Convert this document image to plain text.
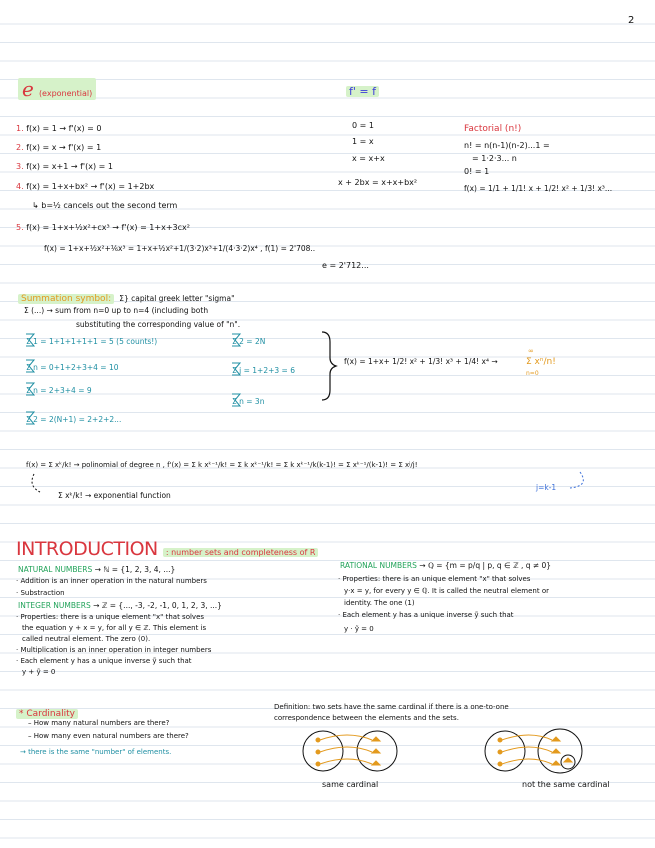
2
e (exponential)	f' = f
1. f(x) = 1 → f'(x) = 0
2. f(x) = x → f'(x) = 1
3. f(x) = x+1 → f'(x) = 1
4. f(x) = 1+x+bx² → f'(x) = 1+2bx
↳ b=½ cancels out the second term
5. f(x) = 1+x+½x²+cx³ → f'(x) = 1+x+3cx²
f(x) = 1+x+½x²+⅙x³ = 1+x+½x²+1/(3·2)x³+1/(4·3·2)x⁴ , f(1) = 2'708..
e = 2'712...
0 = 1
1 = x
x = x+x
x + 2bx = x+x+bx²
Factorial (n!)
n! = n(n-1)(n-2)...1 =
= 1·2·3... n
0! = 1
f(x) = 1/1 + 1/1! x + 1/2! x² + 1/3! x³...
Summation symbol: Σ} capital greek letter "sigma"
Σ (...) → sum from n=0 up to n=4 (including both
substituting the corresponding value of "n".
Σ 1 = 1+1+1+1+1 = 5 (5 counts!)
Σ n = 0+1+2+3+4 = 10
Σ n = 2+3+4 = 9
Σ 2 = 2(N+1) = 2+2+2...
Σ 2 = 2N
Σ j = 1+2+3 = 6
Σ n = 3n
f(x) = 1+x+ 1/2! x² + 1/3! x³ + 1/4! x⁴ →
∞
Σ xⁿ/n!
n=0
f(x) = Σ xᵏ/k! → polinomial of degree n , f'(x) = Σ k xᵏ⁻¹/k! = Σ k xᵏ⁻¹/k! = Σ k xᵏ⁻¹/k(k-1)! = Σ xᵏ⁻¹/(k-1)! = Σ xʲ/j!
Σ xᵏ/k! → exponential function
j=k-1
INTRODUCTION : number sets and completeness of R
NATURAL NUMBERS → ℕ = {1, 2, 3, 4, ...}
· Addition is an inner operation in the natural numbers
· Substraction
INTEGER NUMBERS → ℤ = {..., -3, -2, -1, 0, 1, 2, 3, ...}
· Properties: there is a unique element "x" that solves
the equation y + x = y, for all y ∈ ℤ. This element is
called neutral element. The zero (0).
· Multiplication is an inner operation in integer numbers
· Each element y has a unique inverse ỹ such that
y + ỹ = 0
RATIONAL NUMBERS → ℚ = {m = p/q | p, q ∈ ℤ , q ≠ 0}
· Properties: there is an unique element "x" that solves
y·x = y, for every y ∈ ℚ. It is called the neutral element or
identity. The one (1)
· Each element y has a unique inverse ỹ such that
y · ỹ = 0
* Cardinality
– How many natural numbers are there?
– How many even natural numbers are there?
→ there is the same "number" of elements.
Definition: two sets have the same cardinal if there is a one-to-one
correspondence between the elements and the sets.
same cardinal	not the same cardinal
